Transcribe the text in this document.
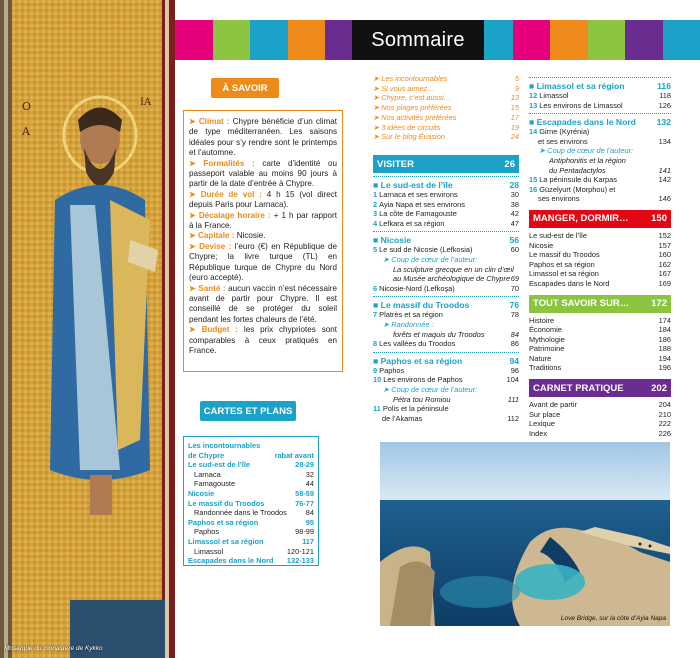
Ο
Α
ΙΑ
Mosaïque du monastère de Kykko
Sommaire
À SAVOIR

➤ Climat : Chypre bénéficie d’un climat de type méditerranéen. Les saisons idéales pour s’y rendre sont le printemps et l’automne.

➤ Formalités : carte d’identité ou passeport valable au moins 90 jours à partir de la date d’entrée à Chypre.

➤ Durée de vol : 4 h 15 (vol direct depuis Paris pour Larnaca).

➤ Décalage horaire : + 1 h par rapport à la France.

➤ Capitale : Nicosie.

➤ Devise : l’euro (€) en République de Chypre; la livre turque (TL) en République turque de Chypre du Nord (euro accepté).

➤ Santé : aucun vaccin n’est nécessaire avant de partir pour Chypre. Il est conseillé de se protéger du soleil pendant les fortes chaleurs de l’été.

➤ Budget : les prix chypriotes sont comparables à ceux pratiqués en France.

CARTES ET PLANS
Les incontournables
de Chypre	rabat avant
Le sud-est de l’île	28-29
Larnaca	32
Famagouste	44
Nicosie	58-59
Le massif du Troodos	76-77
Randonnée dans le Troodos	84
Paphos et sa région	95
Paphos	98-99
Limassol et sa région	117
Limassol	120-121
Escapades dans le Nord 132-133
➤ Les incontournables	5
➤ Si vous aimez…	9
➤ Chypre, c’est aussi…	13
➤ Nos plages préférées	15
➤ Nos activités préférées	17
➤ 3 idées de circuits	19
➤ Sur le blog Évasion	24
VISITER	26
■ Le sud-est de l’île	28
1 Larnaca et ses environs	30
2 Ayia Napa et ses environs	38
3 La côte de Famagouste	42
4 Lefkara et sa région	47
■ Nicosie	56
5 Le sud de Nicosie (Lefkosia)	60
➤ Coup de cœur de l’auteur:
La sculpture grecque en un clin d’œil
au Musée archéologique de Chypre 69
6 Nicosie-Nord (Lefkoşa)	70
■ Le massif du Troodos	76
7 Platrès et sa région	78
➤ Randonnée :
forêts et maquis du Troodos	84
8 Les vallées du Troodos	86
■ Paphos et sa région	94
9 Paphos	96
10 Les environs de Paphos	104
➤ Coup de cœur de l’auteur:
Pétra tou Romiou	111
11 Polis et la péninsule
de l’Akamas	112
■ Limassol et sa région	116
12 Limassol	118
13 Les environs de Limassol	126
■ Escapades dans le Nord 132
14 Girne (Kyrénia)
et ses environs	134
➤ Coup de cœur de l’auteur:
Antiphonitis et la région
du Pentadactylos	141
15 La péninsule du Karpas	142
16 Güzelyurt (Morphou) et
ses environs	146
MANGER, DORMIR… 150
Le sud-est de l’île	152
Nicosie	157
Le massif du Troodos	160
Paphos et sa région	162
Limassol et sa région	167
Escapades dans le Nord	169
TOUT SAVOIR SUR… 172
Histoire	174
Économie	184
Mythologie	186
Patrimoine	188
Nature	194
Traditions	196
CARNET PRATIQUE	202
Avant de partir	204
Sur place	210
Lexique	222
Index	226
Love Bridge, sur la côte d’Ayia Napa
